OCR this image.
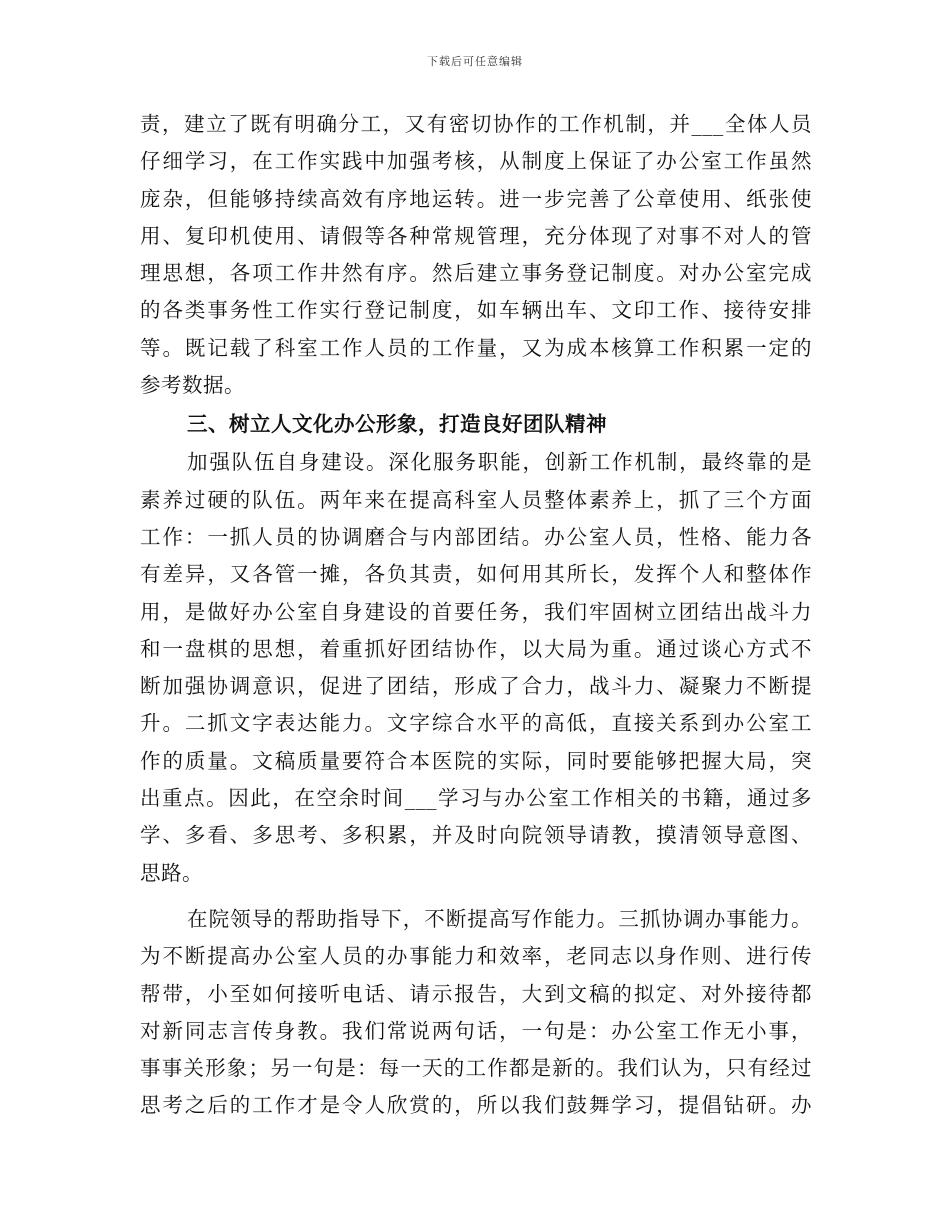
下载后可任意编辑
责，建立了既有明确分工，又有密切协作的工作机制，并___全体人员
仔细学习，在工作实践中加强考核，从制度上保证了办公室工作虽然
庞杂，但能够持续高效有序地运转。进一步完善了公章使用、纸张使
用、复印机使用、请假等各种常规管理，充分体现了对事不对人的管
理思想，各项工作井然有序。然后建立事务登记制度。对办公室完成
的各类事务性工作实行登记制度，如车辆出车、文印工作、接待安排
等。既记载了科室工作人员的工作量，又为成本核算工作积累一定的
参考数据。
三、树立人文化办公形象，打造良好团队精神
加强队伍自身建设。深化服务职能，创新工作机制，最终靠的是
素养过硬的队伍。两年来在提高科室人员整体素养上，抓了三个方面
工作：一抓人员的协调磨合与内部团结。办公室人员，性格、能力各
有差异，又各管一摊，各负其责，如何用其所长，发挥个人和整体作
用，是做好办公室自身建设的首要任务，我们牢固树立团结出战斗力
和一盘棋的思想，着重抓好团结协作，以大局为重。通过谈心方式不
断加强协调意识，促进了团结，形成了合力，战斗力、凝聚力不断提
升。二抓文字表达能力。文字综合水平的高低，直接关系到办公室工
作的质量。文稿质量要符合本医院的实际，同时要能够把握大局，突
出重点。因此，在空余时间___学习与办公室工作相关的书籍，通过多
学、多看、多思考、多积累，并及时向院领导请教，摸清领导意图、
思路。
在院领导的帮助指导下，不断提高写作能力。三抓协调办事能力。
为不断提高办公室人员的办事能力和效率，老同志以身作则、进行传
帮带，小至如何接听电话、请示报告，大到文稿的拟定、对外接待都
对新同志言传身教。我们常说两句话，一句是：办公室工作无小事，
事事关形象；另一句是：每一天的工作都是新的。我们认为，只有经过
思考之后的工作才是令人欣赏的，所以我们鼓舞学习，提倡钻研。办
